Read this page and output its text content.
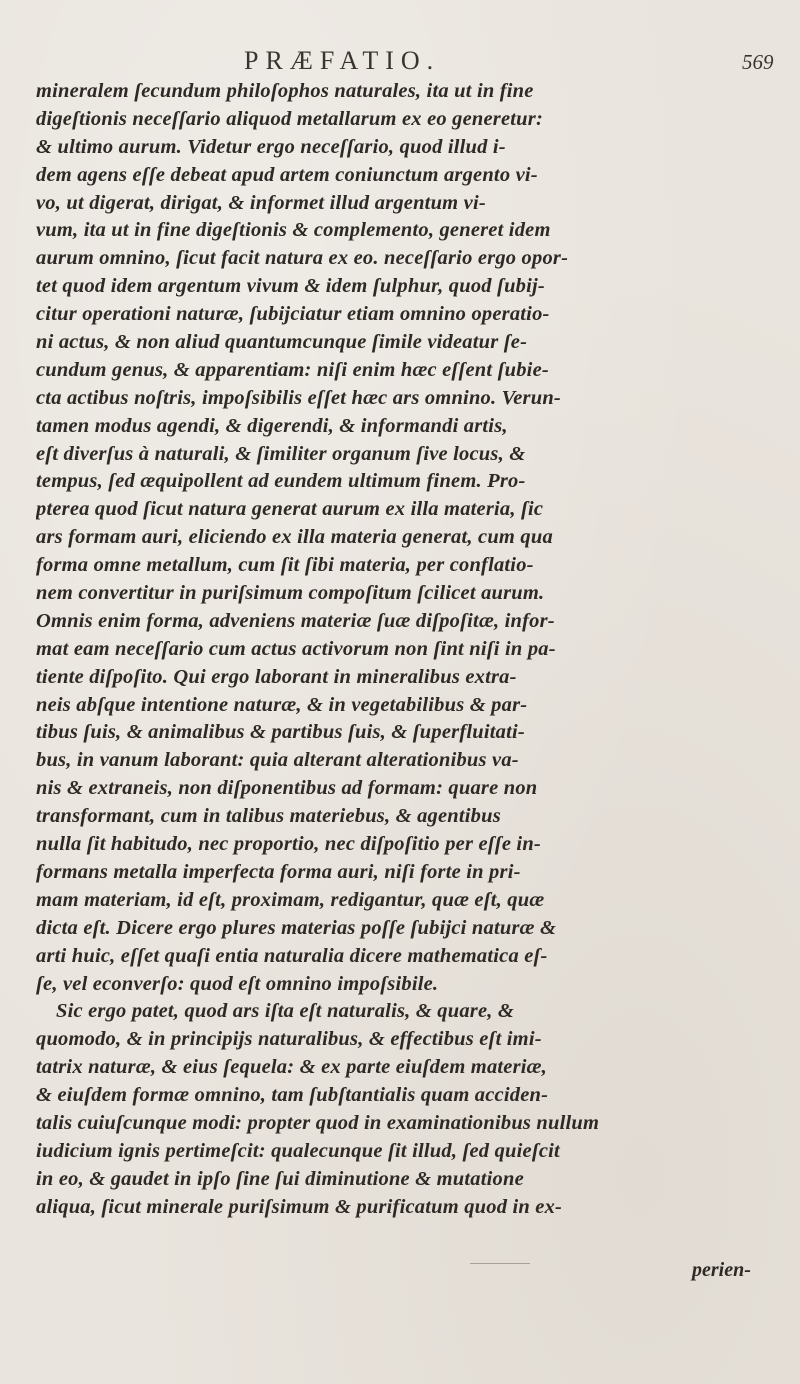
PRÆFATIO.	569
mineralem ſecundum philoſophos naturales, ita ut in fine
digeſtionis neceſſario aliquod metallarum ex eo generetur:
& ultimo aurum. Videtur ergo neceſſario, quod illud i-
dem agens eſſe debeat apud artem coniunctum argento vi-
vo, ut digerat, dirigat, & informet illud argentum vi-
vum, ita ut in fine digeſtionis & complemento, generet idem
aurum omnino, ſicut facit natura ex eo. neceſſario ergo opor-
tet quod idem argentum vivum & idem ſulphur, quod ſubij-
citur operationi naturæ, ſubijciatur etiam omnino operatio-
ni actus, & non aliud quantumcunque ſimile videatur ſe-
cundum genus, & apparentiam: niſi enim hæc eſſent ſubie-
cta actibus noſtris, impoſsibilis eſſet hæc ars omnino. Verun-
tamen modus agendi, & digerendi, & informandi artis,
eſt diverſus à naturali, & ſimiliter organum ſive locus, &
tempus, ſed æquipollent ad eundem ultimum finem. Pro-
pterea quod ſicut natura generat aurum ex illa materia, ſic
ars formam auri, eliciendo ex illa materia generat, cum qua
forma omne metallum, cum ſit ſibi materia, per conflatio-
nem convertitur in puriſsimum compoſitum ſcilicet aurum.
Omnis enim forma, adveniens materiæ ſuæ diſpoſitæ, infor-
mat eam neceſſario cum actus activorum non ſint niſi in pa-
tiente diſpoſito. Qui ergo laborant in mineralibus extra-
neis abſque intentione naturæ, & in vegetabilibus & par-
tibus ſuis, & animalibus & partibus ſuis, & ſuperfluitati-
bus, in vanum laborant: quia alterant alterationibus va-
nis & extraneis, non diſponentibus ad formam: quare non
transformant, cum in talibus materiebus, & agentibus
nulla ſit habitudo, nec proportio, nec diſpoſitio per eſſe in-
formans metalla imperfecta forma auri, niſi forte in pri-
mam materiam, id eſt, proximam, redigantur, quæ eſt, quæ
dicta eſt. Dicere ergo plures materias poſſe ſubijci naturæ &
arti huic, eſſet quaſi entia naturalia dicere mathematica eſ-
ſe, vel econverſo: quod eſt omnino impoſsibile.
Sic ergo patet, quod ars iſta eſt naturalis, & quare, &
quomodo, & in principijs naturalibus, & effectibus eſt imi-
tatrix naturæ, & eius ſequela: & ex parte eiuſdem materiæ,
& eiuſdem formæ omnino, tam ſubſtantialis quam acciden-
talis cuiuſcunque modi: propter quod in examinationibus nullum
iudicium ignis pertimeſcit: qualecunque ſit illud, ſed quieſcit
in eo, & gaudet in ipſo ſine ſui diminutione & mutatione
aliqua, ſicut minerale puriſsimum & purificatum quod in ex-
perien-
